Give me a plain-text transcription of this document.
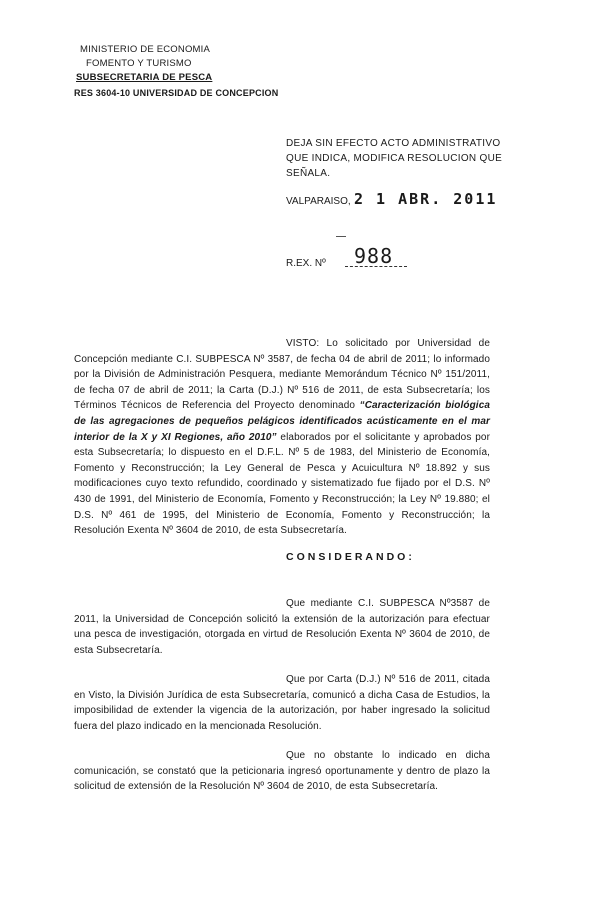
MINISTERIO DE ECONOMIA
FOMENTO Y TURISMO
SUBSECRETARIA DE PESCA
RES 3604-10 UNIVERSIDAD DE CONCEPCION
DEJA SIN EFECTO ACTO ADMINISTRATIVO QUE INDICA, MODIFICA RESOLUCION QUE SEÑALA.
VALPARAISO, 2 1 ABR. 2011
R.EX. Nº 988
VISTO: Lo solicitado por Universidad de Concepción mediante C.I. SUBPESCA Nº 3587, de fecha 04 de abril de 2011; lo informado por la División de Administración Pesquera, mediante Memorándum Técnico Nº 151/2011, de fecha 07 de abril de 2011; la Carta (D.J.) Nº 516 de 2011, de esta Subsecretaría; los Términos Técnicos de Referencia del Proyecto denominado “Caracterización biológica de las agregaciones de pequeños pelágicos identificados acústicamente en el mar interior de la X y XI Regiones, año 2010” elaborados por el solicitante y aprobados por esta Subsecretaría; lo dispuesto en el D.F.L. Nº 5 de 1983, del Ministerio de Economía, Fomento y Reconstrucción; la Ley General de Pesca y Acuicultura Nº 18.892 y sus modificaciones cuyo texto refundido, coordinado y sistematizado fue fijado por el D.S. Nº 430 de 1991, del Ministerio de Economía, Fomento y Reconstrucción; la Ley Nº 19.880; el D.S. Nº 461 de 1995, del Ministerio de Economía, Fomento y Reconstrucción; la Resolución Exenta Nº 3604 de 2010, de esta Subsecretaría.
CONSIDERANDO:
Que mediante C.I. SUBPESCA Nº3587 de 2011, la Universidad de Concepción solicitó la extensión de la autorización para efectuar una pesca de investigación, otorgada en virtud de Resolución Exenta Nº 3604 de 2010, de esta Subsecretaría.
Que por Carta (D.J.) Nº 516 de 2011, citada en Visto, la División Jurídica de esta Subsecretaría, comunicó a dicha Casa de Estudios, la imposibilidad de extender la vigencia de la autorización, por haber ingresado la solicitud fuera del plazo indicado en la mencionada Resolución.
Que no obstante lo indicado en dicha comunicación, se constató que la peticionaria ingresó oportunamente y dentro de plazo la solicitud de extensión de la Resolución Nº 3604 de 2010, de esta Subsecretaría.
